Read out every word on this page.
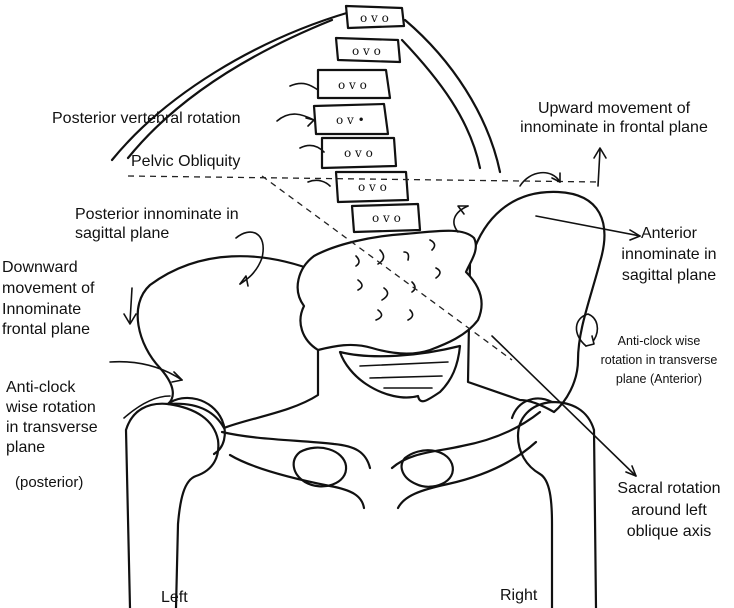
o v o
o v o
o v o
o v •
o v o
o v o
o v o
Posterior vertebral rotation
Pelvic Obliquity
Posterior innominate in
sagittal plane
Downward
movement of
Innominate
frontal plane
Anti-clock
wise rotation
in transverse
plane
(posterior)
Upward movement of
innominate in frontal plane
Anterior
innominate in
sagittal plane
Anti-clock wise
rotation in transverse
plane (Anterior)
Sacral rotation
around left
oblique axis
Left	Right
